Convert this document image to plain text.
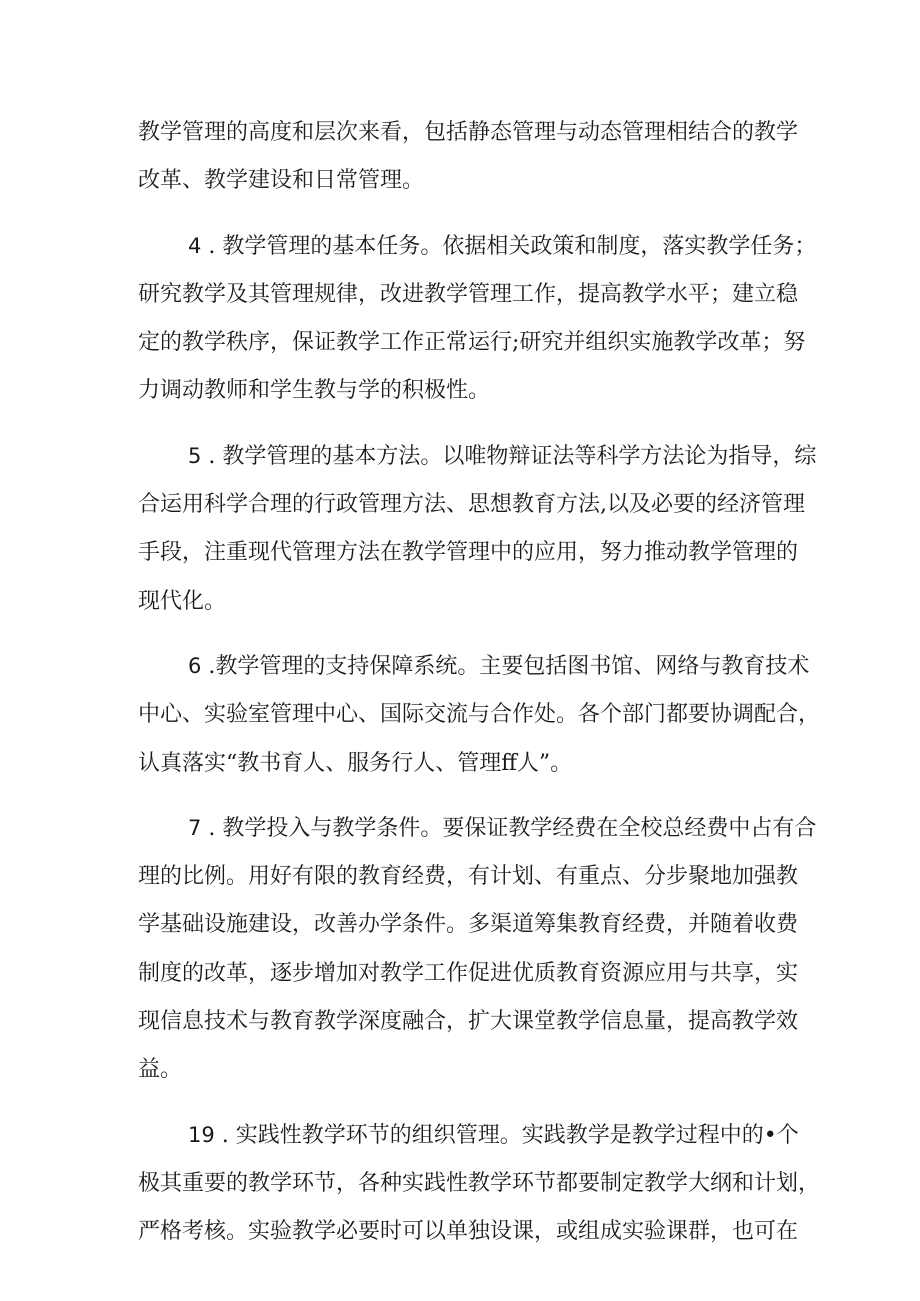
教学管理的高度和层次来看，包括静态管理与动态管理相结合的教学
改革、教学建设和日常管理。

4 . 教学管理的基本任务。依据相关政策和制度，落实教学任务；
研究教学及其管理规律，改进教学管理工作，提高教学水平；建立稳
定的教学秩序，保证教学工作正常运行;研究并组织实施教学改革；努
力调动教师和学生教与学的积极性。

5 . 教学管理的基本方法。以唯物辩证法等科学方法论为指导，综
合运用科学合理的行政管理方法、思想教育方法,以及必要的经济管理
手段，注重现代管理方法在教学管理中的应用，努力推动教学管理的
现代化。

6 .教学管理的支持保障系统。主要包括图书馆、网络与教育技术
中心、实验室管理中心、国际交流与合作处。各个部门都要协调配合，
认真落实“教书育人、服务行人、管理ff人”。

7 . 教学投入与教学条件。要保证教学经费在全校总经费中占有合
理的比例。用好有限的教育经费，有计划、有重点、分步聚地加强教
学基础设施建设，改善办学条件。多渠道筹集教育经费，并随着收费
制度的改革，逐步增加对教学工作促进优质教育资源应用与共享，实
现信息技术与教育教学深度融合，扩大课堂教学信息量，提高教学效
益。

19 . 实践性教学环节的组织管理。实践教学是教学过程中的•个
极其重要的教学环节，各种实践性教学环节都要制定教学大纲和计划，
严格考核。实验教学必要时可以单独设课，或组成实验课群，也可在
